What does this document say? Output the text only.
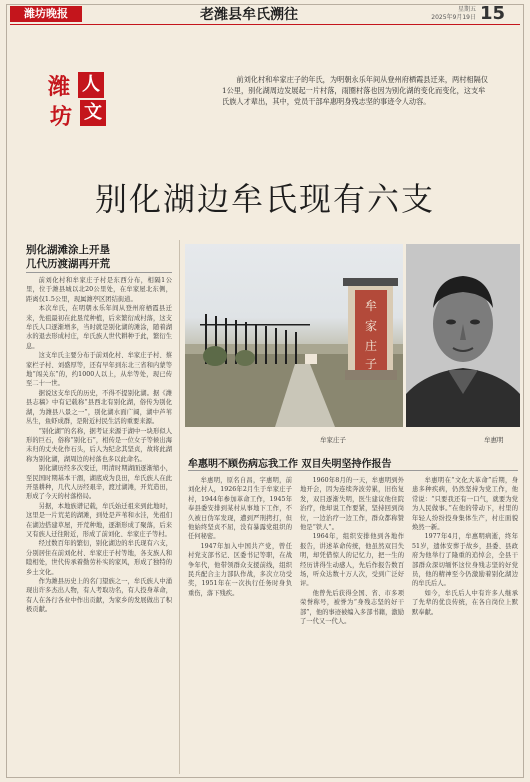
潍坊晚报	老潍县牟氏溯往	星期五
2025年9月19日 15
潍 人
坊 文
前刘化村和牟家庄子的年氏，为明朝永乐年间从登州府栖霞县迁来，两村相隔仅1公里，别化湖周边发展起一片村落，雨圈村落也因为别化湖的变化而变化，这支牟氏族人才辈出，其中，党员干部牟惠明身残志坚的事迹令人动容。
别化湖边牟氏现有六支
别化湖滩涂上开垦
几代历渡湖再开荒

前刘化村和牟家庄子村是东西分布，相隔1公里，位于潍县城以北20公里处，在牟家屋北东侧，距离仅1.5公里，现属潍亭区团结街道。

本次牟氏，在明朝永乐年间从登州府栖霞县迁来，先祖最初在此垦荒种植，后来繁衍成村落，这支牟氏人口逐渐增多，当时就是别化湖的滩涂，随着湖水的退去形成村庄，牟氏族人世代耕种于此，繁衍生息。

这支牟氏主要分布于前刘化村、牟家庄子村、蔡家栏子村、刘盛厚等，还有早年到东北三省和内蒙等地“闯关东”的，约1000人以上，从牟等处，现已传至二十一世。

据说这支牟氏的历史，不得不提别化湖。据《潍县志稿》中有记载称“县西北有别化湖，俗传为别化湖，为潍县八景之一”，别化湖水面广阔，湖中芦苇丛生，鱼虾成群，是附近村民生活的重要来源。

“别化湖”的名称，据考证来源于湖中一块形似人形的巨石，俗称“别化石”，相传是一位女子等候出海未归的丈夫化作石头，后人为纪念其坚贞，故将此湖称为别化湖，湖周边的村落也多以此命名。

别化湖历经多次变迁，明清时期湖面逐渐缩小，至民国时期基本干涸，湖底成为良田，牟氏族人在此开垦耕种，几代人历经艰辛，渡过湖滩，开荒造田，形成了今天的村落格局。

另据，本地族谱记载，牟氏始迁祖来到此地时，这里是一片荒芜的湖滩，到处是芦苇和水洼，先祖们在湖边搭建草屋，开荒种地，逐渐形成了聚落，后来又有族人迁往附近，形成了前刘化、牟家庄子等村。

经过数百年的繁衍，别化湖边的牟氏现有六支，分别居住在前刘化村、牟家庄子村等地，各支族人和睦相处，世代传承着勤劳朴实的家风，形成了独特的乡土文化。

作为潍县历史上的名门望族之一，牟氏族人中涌现出许多杰出人物，有人考取功名，有人投身革命，有人在各行各业中作出贡献，为家乡的发展做出了积极贡献。

牟
家
庄
子
牟家庄子	牟惠明
牟惠明不顾伤病忘我工作 双目失明坚持作报告

牟惠明，原名自昌，字惠明，前刘化村人，1926年2月生于牟家庄子村，1944年参加革命工作，1945年奉县委安排到某村从事地下工作，不久被日伪军发现，遭到严刑拷打，但他始终坚贞不屈，没有暴露党组织的任何秘密。

1947年加入中国共产党，曾任村党支部书记、区委书记等职，在战争年代，他带领群众支援前线，组织民兵配合主力部队作战，多次立功受奖，1951年在一次执行任务时身负重伤，落下残疾。

1960年8月的一天，牟惠明到外地开会，因为连续奔波劳累，旧伤复发，双目逐渐失明，医生建议他住院治疗，他却说工作要紧，坚持回到岗位，一边治疗一边工作，群众都称赞他是“铁人”。

1964年，组织安排他到各地作报告，讲述革命传统，他虽然双目失明，却凭借惊人的记忆力，把一生的经历讲得生动感人，先后作报告数百场，听众达数十万人次，受到广泛好评。

他曾先后获得全国、省、市多项荣誉称号，被誉为“身残志坚的好干部”，他的事迹被编入多部书籍，激励了一代又一代人。

牟惠明在“文化大革命”后期，身患多种疾病，仍然坚持为党工作，他常说：“只要我还有一口气，就要为党为人民做事。”在他的带动下，村里的年轻人纷纷投身集体生产，村庄面貌焕然一新。

1977年4月，牟惠明病逝，终年51岁，遗体安葬于故乡，县委、县政府为他举行了隆重的追悼会，全县干部群众深切缅怀这位身残志坚的好党员，他的精神至今仍激励着别化湖边的牟氏后人。

如今，牟氏后人中有许多人继承了先辈的优良传统，在各自岗位上默默奉献。
